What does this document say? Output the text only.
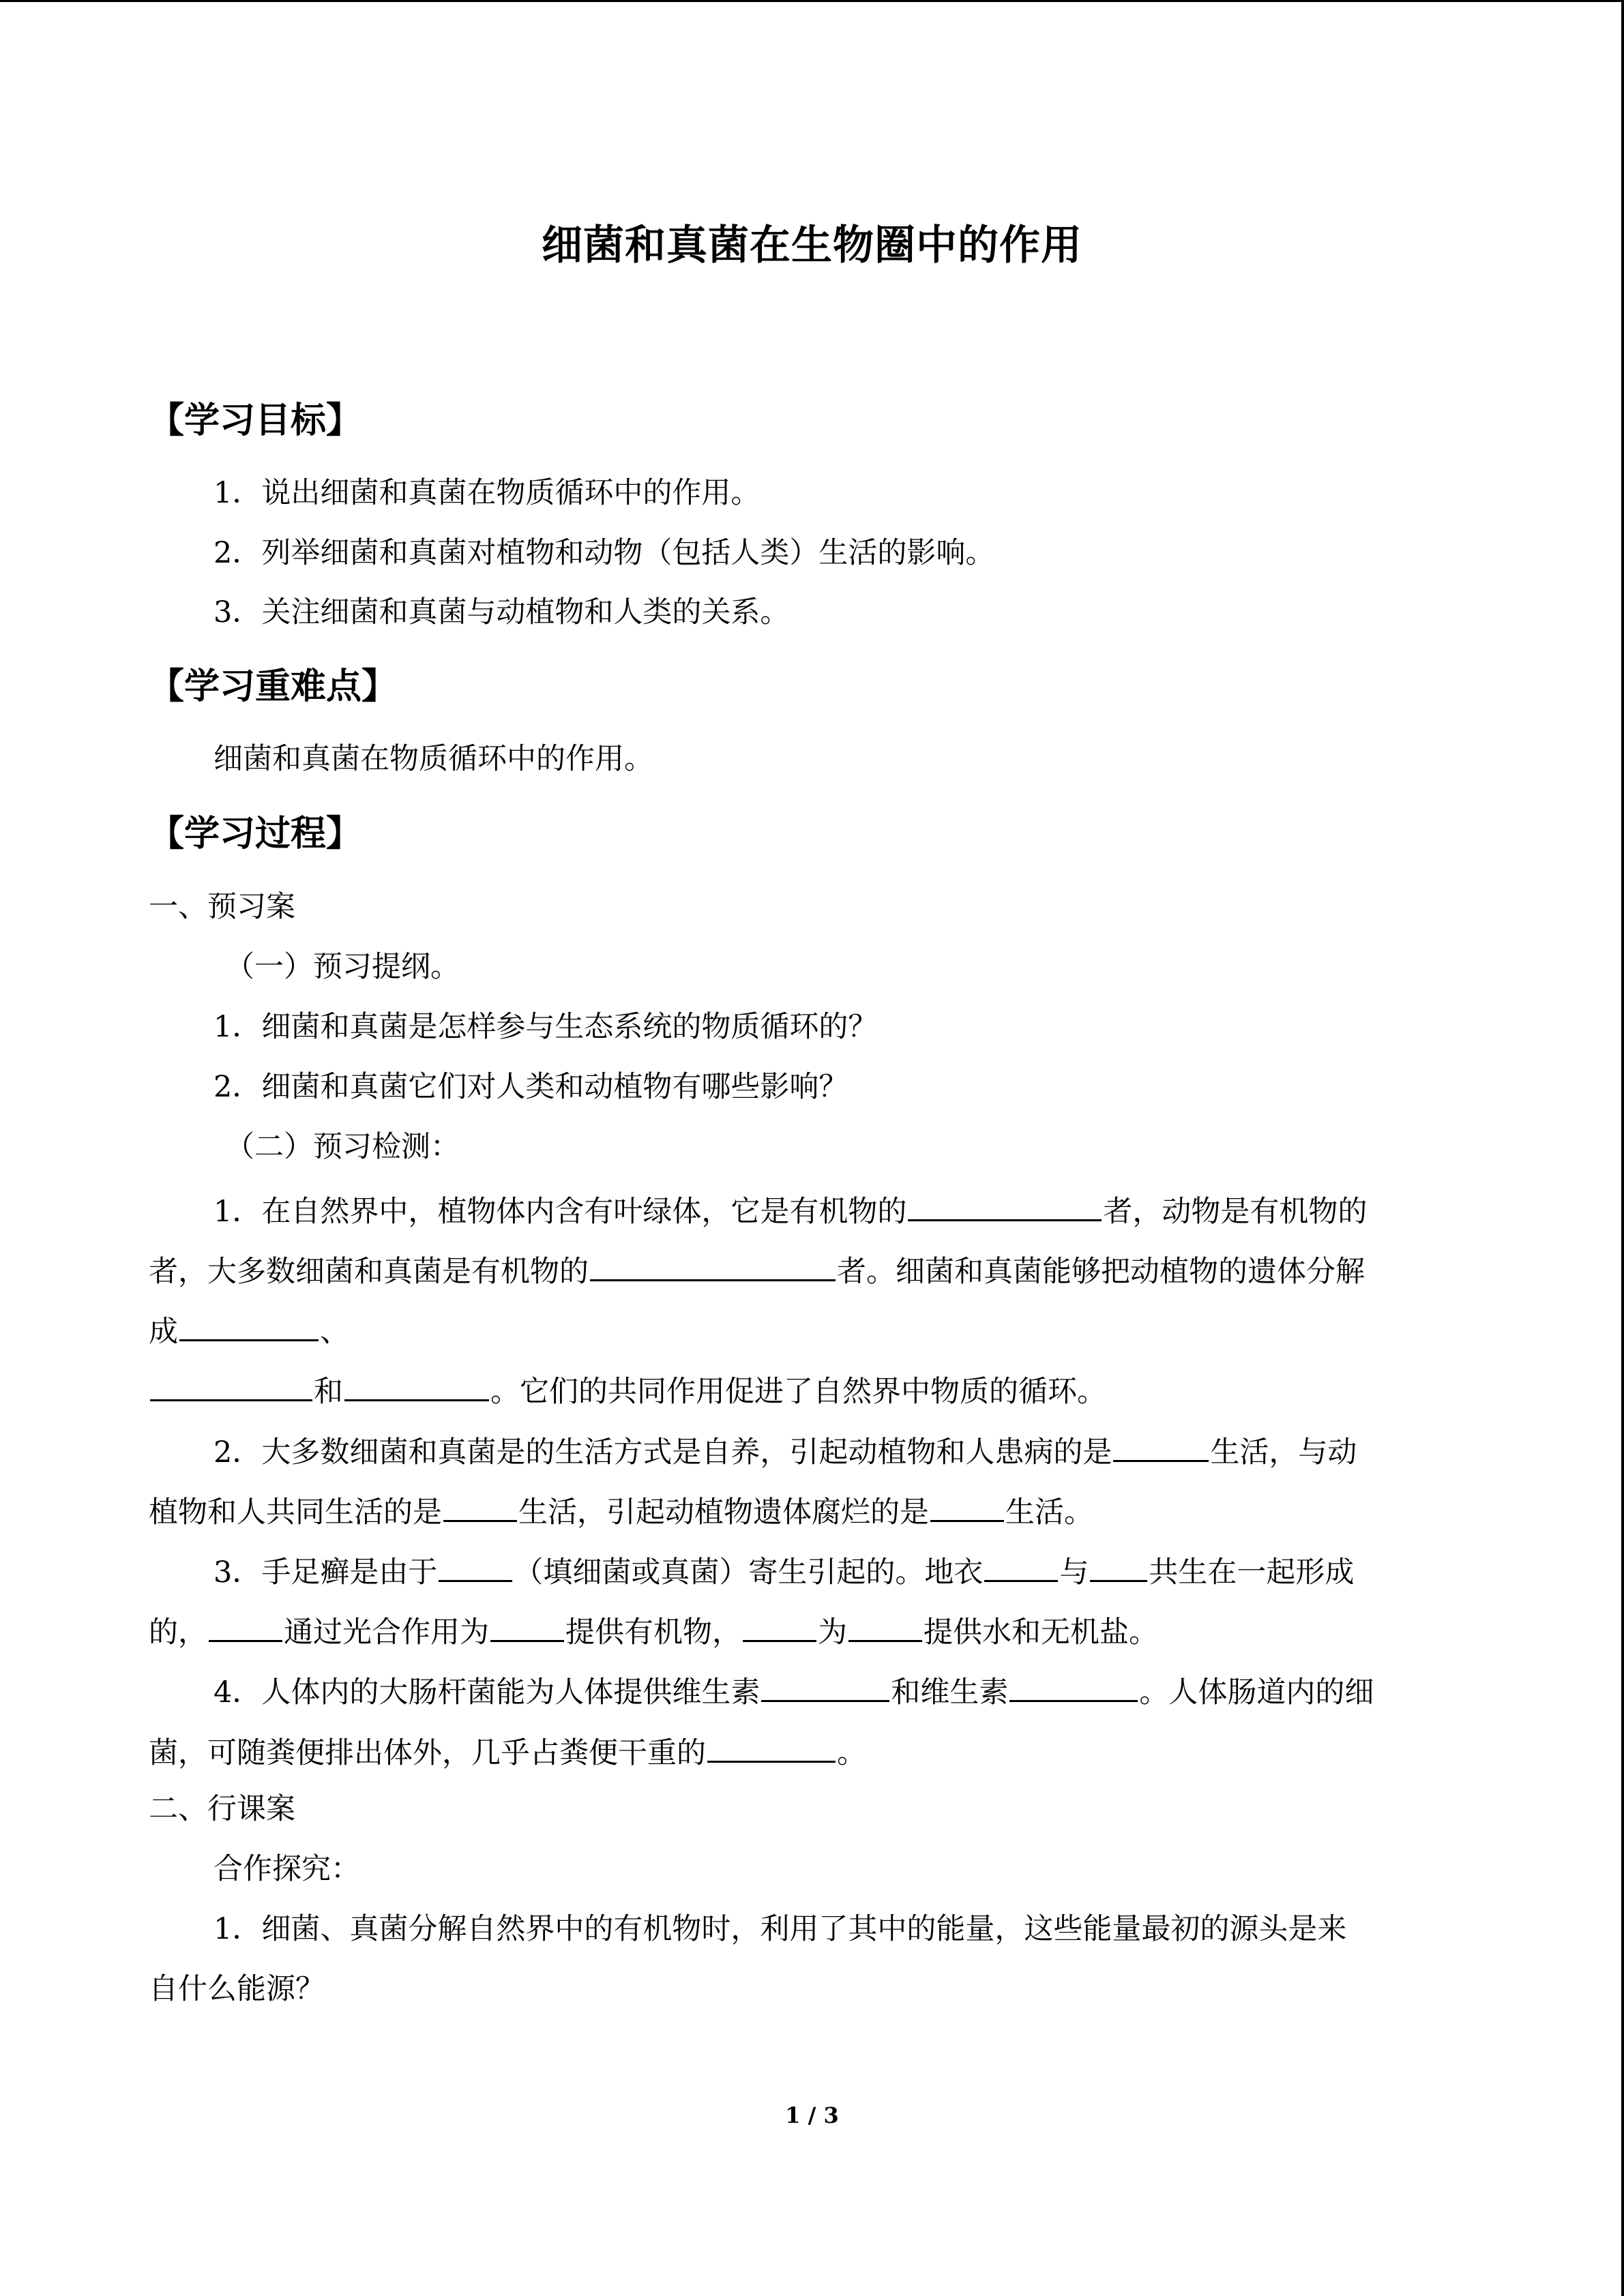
细菌和真菌在生物圈中的作用
【学习目标】
1．说出细菌和真菌在物质循环中的作用。
2．列举细菌和真菌对植物和动物（包括人类）生活的影响。
3．关注细菌和真菌与动植物和人类的关系。
【学习重难点】
细菌和真菌在物质循环中的作用。
【学习过程】
一、预习案
（一）预习提纲。
1．细菌和真菌是怎样参与生态系统的物质循环的？
2．细菌和真菌它们对人类和动植物有哪些影响？
（二）预习检测：
1．在自然界中，植物体内含有叶绿体，它是有机物的	者，动物是有机物的
者，大多数细菌和真菌是有机物的	者。细菌和真菌能够把动植物的遗体分解
成	、
和	。它们的共同作用促进了自然界中物质的循环。
2．大多数细菌和真菌是的生活方式是自养，引起动植物和人患病的是	生活，与动
植物和人共同生活的是	生活，引起动植物遗体腐烂的是	生活。
3．手足癣是由于	（填细菌或真菌）寄生引起的。地衣	与 共生在一起形成
的，	通过光合作用为	提供有机物，	为	提供水和无机盐。
4．人体内的大肠杆菌能为人体提供维生素	和维生素	。人体肠道内的细
菌，可随粪便排出体外，几乎占粪便干重的	。
二、行课案
合作探究：
1．细菌、真菌分解自然界中的有机物时，利用了其中的能量，这些能量最初的源头是来
自什么能源？
1 / 3
